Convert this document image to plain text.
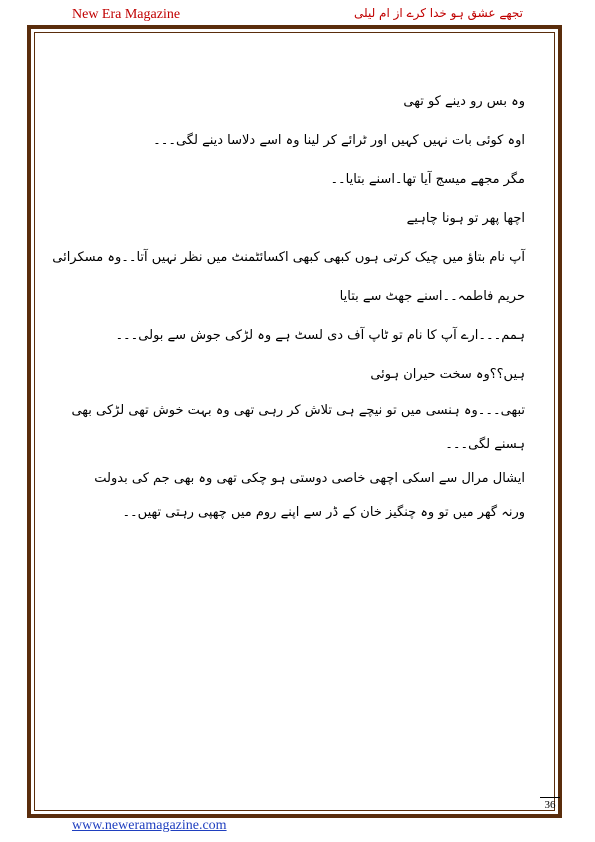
New Era Magazine	تجھے عشق ہو خدا کرے از ام لیلی

وہ بس رو دینے کو تھی

اوہ کوئی بات نہیں کہیں اور ٹرائے کر لینا وہ اسے دلاسا دینے لگی۔۔۔

مگر مجھے میسج آیا تھا۔اسنے بتایا۔۔

اچھا پھر تو ہونا چاہیے

آپ نام بتاؤ میں چیک کرتی ہوں کبھی کبھی اکسائٹمنٹ میں نظر نہیں آتا۔۔وہ مسکرائی

حریم فاطمہ۔۔اسنے جھٹ سے بتایا

ہمم۔۔۔ارے آپ کا نام تو ٹاپ آف دی لسٹ ہے وہ لڑکی جوش سے بولی۔۔۔

ہیں؟؟وہ سخت حیران ہوئی

تبھی۔۔۔وہ ہنسی میں تو نیچے ہی تلاش کر رہی تھی وہ بہت خوش تھی لڑکی بھی ہسنے لگی۔۔۔

ایشال مرال سے اسکی اچھی خاصی دوستی ہو چکی تھی وہ بھی جم کی بدولت ورنہ گھر میں تو وہ چنگیز خان کے ڈر سے اپنے روم میں چھپی رہتی تھیں۔۔

36
www.neweramagazine.com
